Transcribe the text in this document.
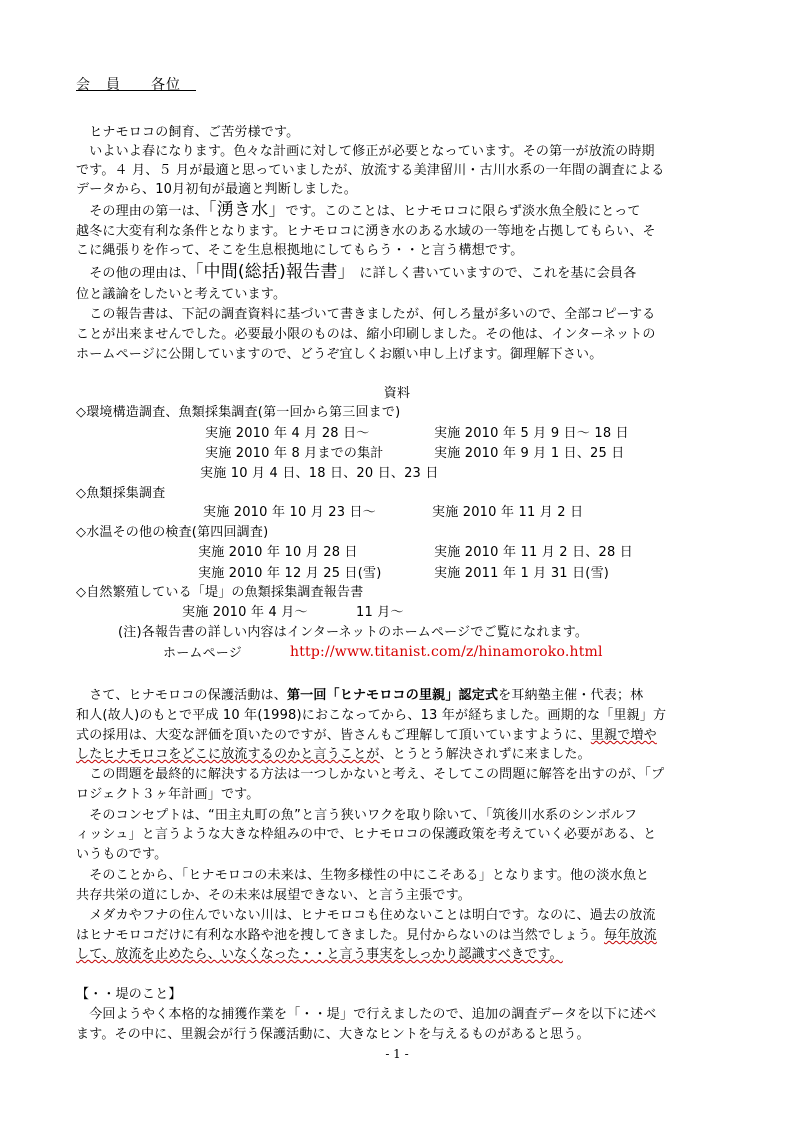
会　員　　各位　
　ヒナモロコの飼育、ご苦労様です。
　いよいよ春になります。色々な計画に対して修正が必要となっています。その第一が放流の時期
です。４ 月、５ 月が最適と思っていましたが、放流する美津留川・古川水系の一年間の調査による
データから、10月初旬が最適と判断しました。
　その理由の第一は、「湧き水」です。このことは、ヒナモロコに限らず淡水魚全般にとって
越冬に大変有利な条件となります。ヒナモロコに湧き水のある水域の一等地を占拠してもらい、そ
こに縄張りを作って、そこを生息根拠地にしてもらう・・と言う構想です。
　その他の理由は、「中間(総括)報告書」　に詳しく書いていますので、これを基に会員各
位と議論をしたいと考えています。
　この報告書は、下記の調査資料に基づいて書きましたが、何しろ量が多いので、全部コピーする
ことが出来ませんでした。必要最小限のものは、縮小印刷しました。その他は、インターネットの
ホームページに公開していますので、どうぞ宜しくお願い申し上げます。御理解下さい。
資料
◇環境構造調査、魚類採集調査(第一回から第三回まで)
実施 2010 年 4 月 28 日～	実施 2010 年 5 月 9 日～ 18 日
実施 2010 年 8 月までの集計	実施 2010 年 9 月 1 日、25 日
実施 10 月 4 日、18 日、20 日、23 日
◇魚類採集調査
実施 2010 年 10 月 23 日～	実施 2010 年 11 月 2 日
◇水温その他の検査(第四回調査)
実施 2010 年 10 月 28 日	実施 2010 年 11 月 2 日、28 日
実施 2010 年 12 月 25 日(雪)	実施 2011 年 1 月 31 日(雪)
◇自然繁殖している「堤」の魚類採集調査報告書
実施 2010 年 4 月～	11 月～
(注)各報告書の詳しい内容はインターネットのホームページでご覧になれます。
ホームページ	http://www.titanist.com/z/hinamoroko.html
　さて、ヒナモロコの保護活動は、第一回「ヒナモロコの里親」認定式を耳納塾主催・代表；林
和人(故人)のもとで平成 10 年(1998)におこなってから、13 年が経ちました。画期的な「里親」方
式の採用は、大変な評価を頂いたのですが、皆さんもご理解して頂いていますように、里親で増や
したヒナモロコをどこに放流するのかと言うことが、とうとう解決されずに来ました。
　この問題を最終的に解決する方法は一つしかないと考え、そしてこの問題に解答を出すのが、「プ
ロジェクト３ヶ年計画」です。
　そのコンセプトは、“田主丸町の魚”と言う狭いワクを取り除いて、「筑後川水系のシンボルフ
ィッシュ」と言うような大きな枠組みの中で、ヒナモロコの保護政策を考えていく必要がある、と
いうものです。
　そのことから、「ヒナモロコの未来は、生物多様性の中にこそある」となります。他の淡水魚と
共存共栄の道にしか、その未来は展望できない、と言う主張です。
　メダカやフナの住んでいない川は、ヒナモロコも住めないことは明白です。なのに、過去の放流
はヒナモロコだけに有利な水路や池を捜してきました。見付からないのは当然でしょう。毎年放流
して、放流を止めたら、いなくなった・・と言う事実をしっかり認識すべきです。
【・・堤のこと】
　今回ようやく本格的な捕獲作業を「・・堤」で行えましたので、追加の調査データを以下に述べ
ます。その中に、里親会が行う保護活動に、大きなヒントを与えるものがあると思う。
- 1 -
